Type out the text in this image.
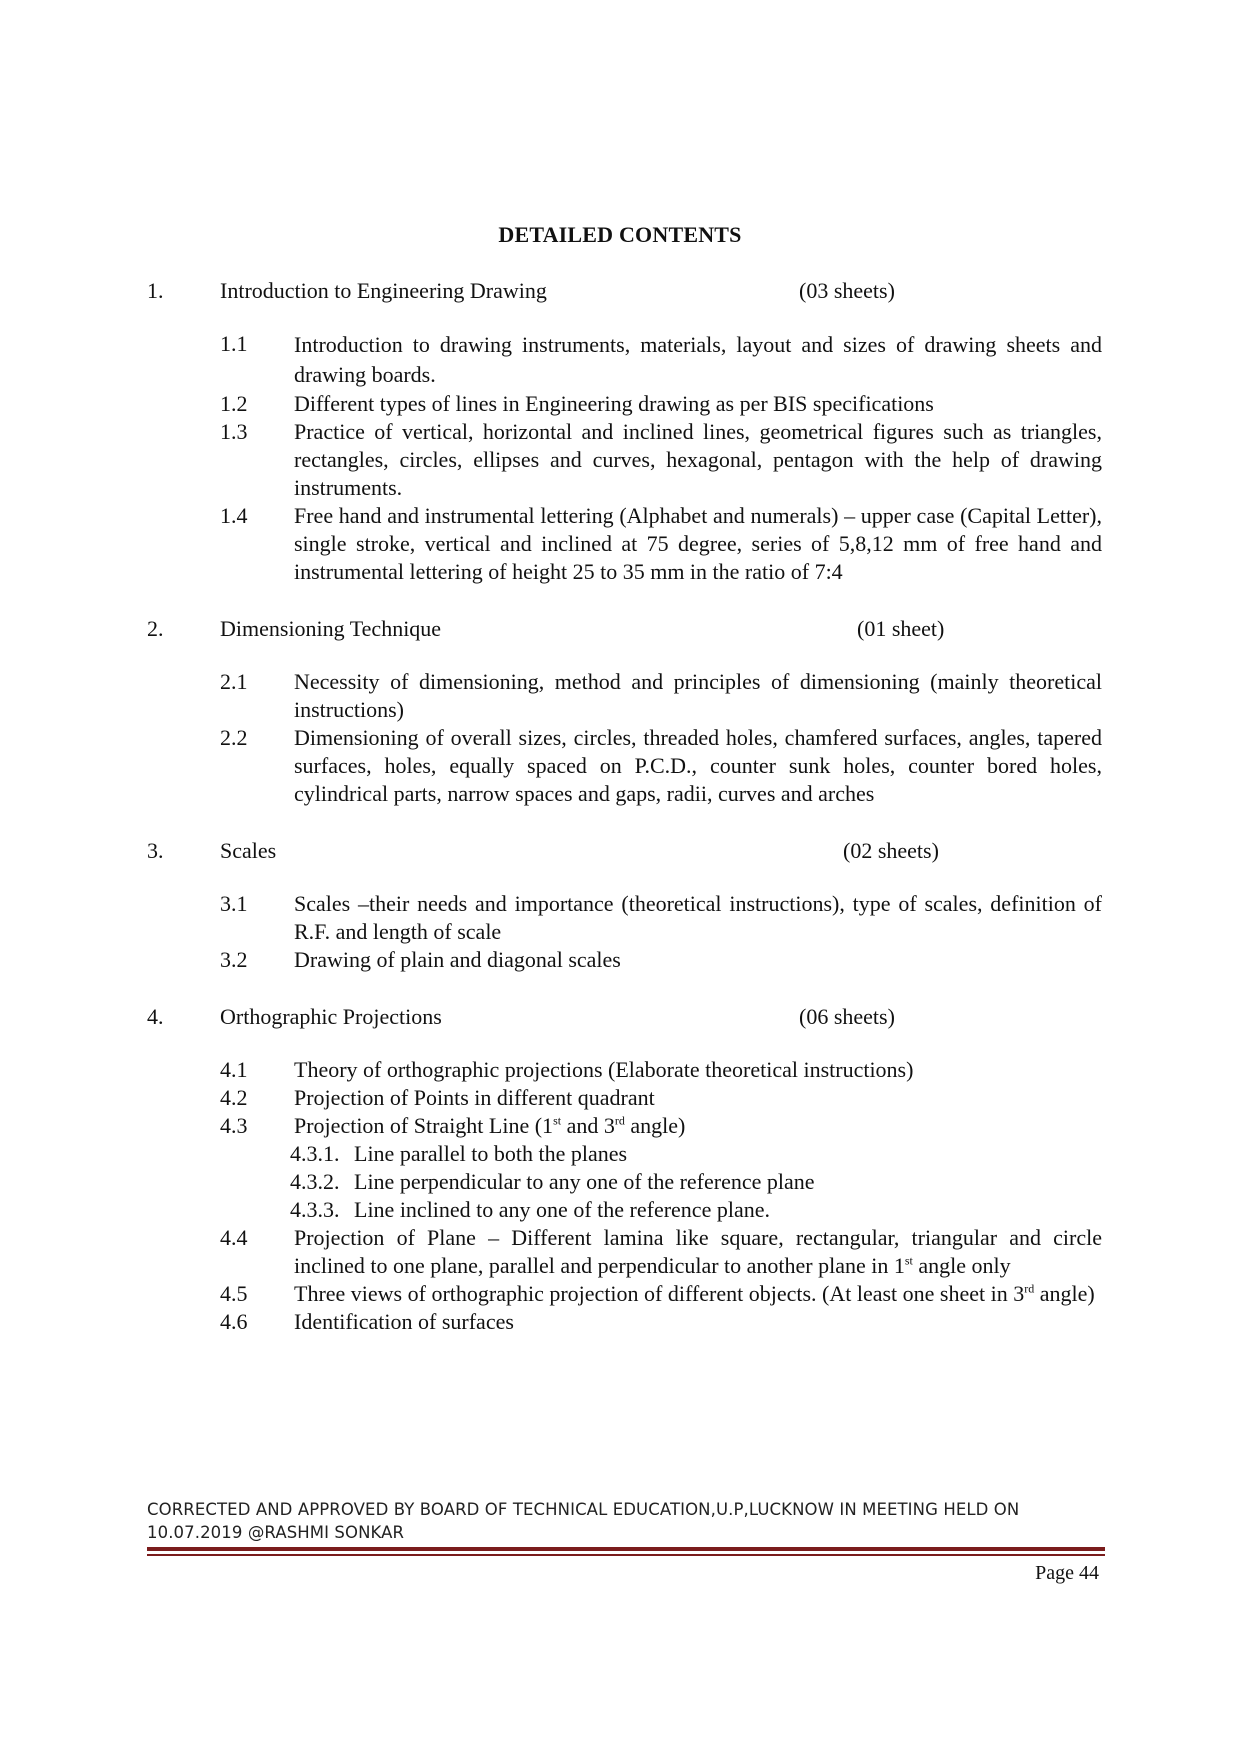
DETAILED CONTENTS
1.	Introduction to Engineering Drawing	(03 sheets)
1.1 Introduction to drawing instruments, materials, layout and sizes of drawing sheets and drawing boards.
1.2 Different types of lines in Engineering drawing as per BIS specifications
1.3 Practice of vertical, horizontal and inclined lines, geometrical figures such as triangles, rectangles, circles, ellipses and curves, hexagonal, pentagon with the help of drawing instruments.
1.4 Free hand and instrumental lettering (Alphabet and numerals) – upper case (Capital Letter), single stroke, vertical and inclined at 75 degree, series of 5,8,12 mm of free hand and instrumental lettering of height 25 to 35 mm in the ratio of 7:4
2.	Dimensioning Technique	(01 sheet)
2.1 Necessity of dimensioning, method and principles of dimensioning (mainly theoretical instructions)
2.2 Dimensioning of overall sizes, circles, threaded holes, chamfered surfaces, angles, tapered surfaces, holes, equally spaced on P.C.D., counter sunk holes, counter bored holes, cylindrical parts, narrow spaces and gaps, radii, curves and arches
3.	Scales	(02 sheets)
3.1 Scales –their needs and importance (theoretical instructions), type of scales, definition of R.F. and length of scale
3.2 Drawing of plain and diagonal scales
4.	Orthographic Projections	(06 sheets)
4.1 Theory of orthographic projections (Elaborate theoretical instructions)
4.2 Projection of Points in different quadrant
4.3 Projection of Straight Line (1st and 3rd angle)
4.3.1. Line parallel to both the planes
4.3.2. Line perpendicular to any one of the reference plane
4.3.3. Line inclined to any one of the reference plane.
4.4 Projection of Plane – Different lamina like square, rectangular, triangular and circle inclined to one plane, parallel and perpendicular to another plane in 1st angle only
4.5 Three views of orthographic projection of different objects. (At least one sheet in 3rd angle)
4.6 Identification of surfaces
CORRECTED AND APPROVED BY BOARD OF TECHNICAL EDUCATION,U.P,LUCKNOW IN MEETING HELD ON 10.07.2019 @RASHMI SONKAR
Page 44
